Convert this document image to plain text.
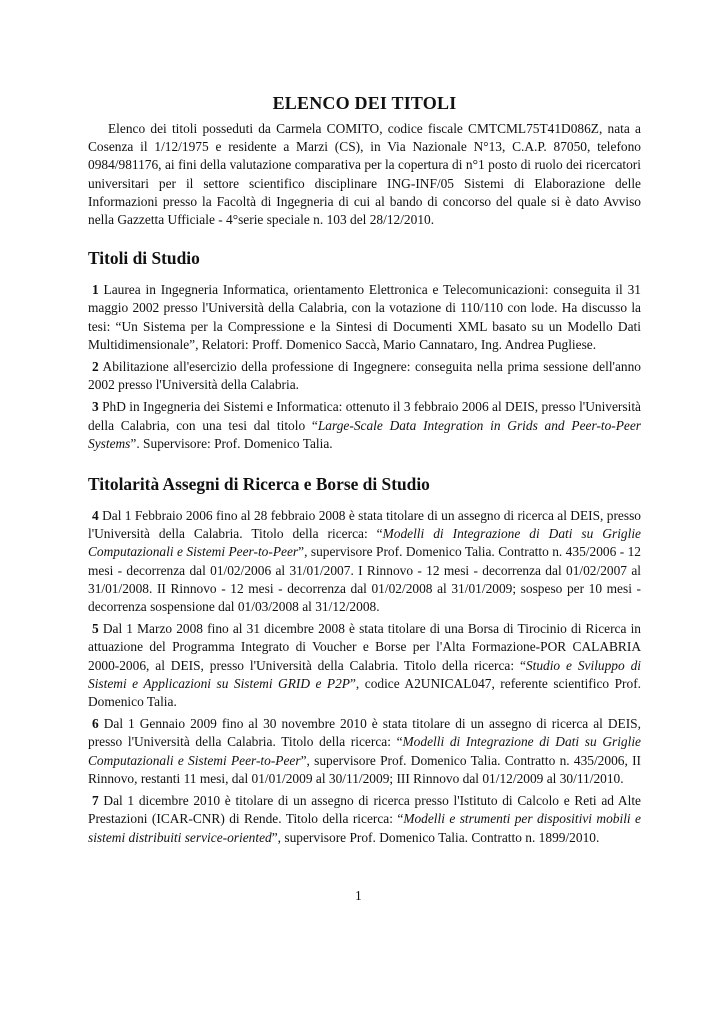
ELENCO DEI TITOLI

Elenco dei titoli posseduti da Carmela COMITO, codice fiscale CMTCML75T41D086Z, nata a Cosenza il 1/12/1975 e residente a Marzi (CS), in Via Nazionale N°13, C.A.P. 87050, telefono 0984/981176, ai fini della valutazione comparativa per la copertura di n°1 posto di ruolo dei ricercatori universitari per il settore scientifico disciplinare ING-INF/05 Sistemi di Elaborazione delle Informazioni presso la Facoltà di Ingegneria di cui al bando di concorso del quale si è dato Avviso nella Gazzetta Ufficiale - 4°serie speciale n. 103 del 28/12/2010.

Titoli di Studio

1 Laurea in Ingegneria Informatica, orientamento Elettronica e Telecomunicazioni: conseguita il 31 maggio 2002 presso l'Università della Calabria, con la votazione di 110/110 con lode. Ha discusso la tesi: “Un Sistema per la Compressione e la Sintesi di Documenti XML basato su un Modello Dati Multidimensionale”, Relatori: Proff. Domenico Saccà, Mario Cannataro, Ing. Andrea Pugliese.

2 Abilitazione all'esercizio della professione di Ingegnere: conseguita nella prima sessione dell'anno 2002 presso l'Università della Calabria.

3 PhD in Ingegneria dei Sistemi e Informatica: ottenuto il 3 febbraio 2006 al DEIS, presso l'Università della Calabria, con una tesi dal titolo “Large-Scale Data Integration in Grids and Peer-to-Peer Systems”. Supervisore: Prof. Domenico Talia.

Titolarità Assegni di Ricerca e Borse di Studio

4 Dal 1 Febbraio 2006 fino al 28 febbraio 2008 è stata titolare di un assegno di ricerca al DEIS, presso l'Università della Calabria. Titolo della ricerca: “Modelli di Integrazione di Dati su Griglie Computazionali e Sistemi Peer-to-Peer”, supervisore Prof. Domenico Talia. Contratto n. 435/2006 - 12 mesi - decorrenza dal 01/02/2006 al 31/01/2007. I Rinnovo - 12 mesi - decorrenza dal 01/02/2007 al 31/01/2008. II Rinnovo - 12 mesi - decorrenza dal 01/02/2008 al 31/01/2009; sospeso per 10 mesi - decorrenza sospensione dal 01/03/2008 al 31/12/2008.

5 Dal 1 Marzo 2008 fino al 31 dicembre 2008 è stata titolare di una Borsa di Tirocinio di Ricerca in attuazione del Programma Integrato di Voucher e Borse per l'Alta Formazione-POR CALABRIA 2000-2006, al DEIS, presso l'Università della Calabria. Titolo della ricerca: “Studio e Sviluppo di Sistemi e Applicazioni su Sistemi GRID e P2P”, codice A2UNICAL047, referente scientifico Prof. Domenico Talia.

6 Dal 1 Gennaio 2009 fino al 30 novembre 2010 è stata titolare di un assegno di ricerca al DEIS, presso l'Università della Calabria. Titolo della ricerca: “Modelli di Integrazione di Dati su Griglie Computazionali e Sistemi Peer-to-Peer”, supervisore Prof. Domenico Talia. Contratto n. 435/2006, II Rinnovo, restanti 11 mesi, dal 01/01/2009 al 30/11/2009; III Rinnovo dal 01/12/2009 al 30/11/2010.

7 Dal 1 dicembre 2010 è titolare di un assegno di ricerca presso l'Istituto di Calcolo e Reti ad Alte Prestazioni (ICAR-CNR) di Rende. Titolo della ricerca: “Modelli e strumenti per dispositivi mobili e sistemi distribuiti service-oriented”, supervisore Prof. Domenico Talia. Contratto n. 1899/2010.

1
